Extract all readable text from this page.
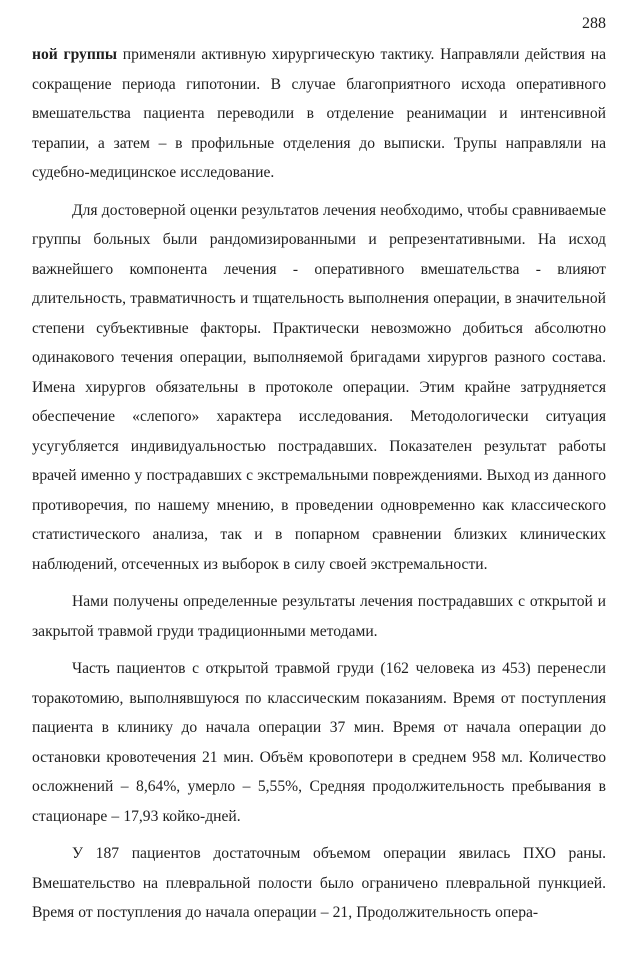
288

ной группы применяли активную хирургическую тактику. Направляли действия на сокращение периода гипотонии. В случае благоприятного исхода оперативного вмешательства пациента переводили в отделение реанимации и интенсивной терапии, а затем – в профильные отделения до выписки. Трупы направляли на судебно-медицинское исследование.

Для достоверной оценки результатов лечения необходимо, чтобы сравниваемые группы больных были рандомизированными и репрезентативными. На исход важнейшего компонента лечения - оперативного вмешательства - влияют длительность, травматичность и тщательность выполнения операции, в значительной степени субъективные факторы. Практически невозможно добиться абсолютно одинакового течения операции, выполняемой бригадами хирургов разного состава. Имена хирургов обязательны в протоколе операции. Этим крайне затрудняется обеспечение «слепого» характера исследования. Методологически ситуация усугубляется индивидуальностью пострадавших. Показателен результат работы врачей именно у пострадавших с экстремальными повреждениями. Выход из данного противоречия, по нашему мнению, в проведении одновременно как классического статистического анализа, так и в попарном сравнении близких клинических наблюдений, отсеченных из выборок в силу своей экстремальности.

Нами получены определенные результаты лечения пострадавших с открытой и закрытой травмой груди традиционными методами.

Часть пациентов с открытой травмой груди (162 человека из 453) перенесли торакотомию, выполнявшуюся по классическим показаниям. Время от поступления пациента в клинику до начала операции 37 мин. Время от начала операции до остановки кровотечения 21 мин. Объём кровопотери в среднем 958 мл. Количество осложнений – 8,64%, умерло – 5,55%, Средняя продолжительность пребывания в стационаре – 17,93 койко-дней.

У 187 пациентов достаточным объемом операции явилась ПХО раны. Вмешательство на плевральной полости было ограничено плевральной пункцией. Время от поступления до начала операции – 21, Продолжительность опера-
